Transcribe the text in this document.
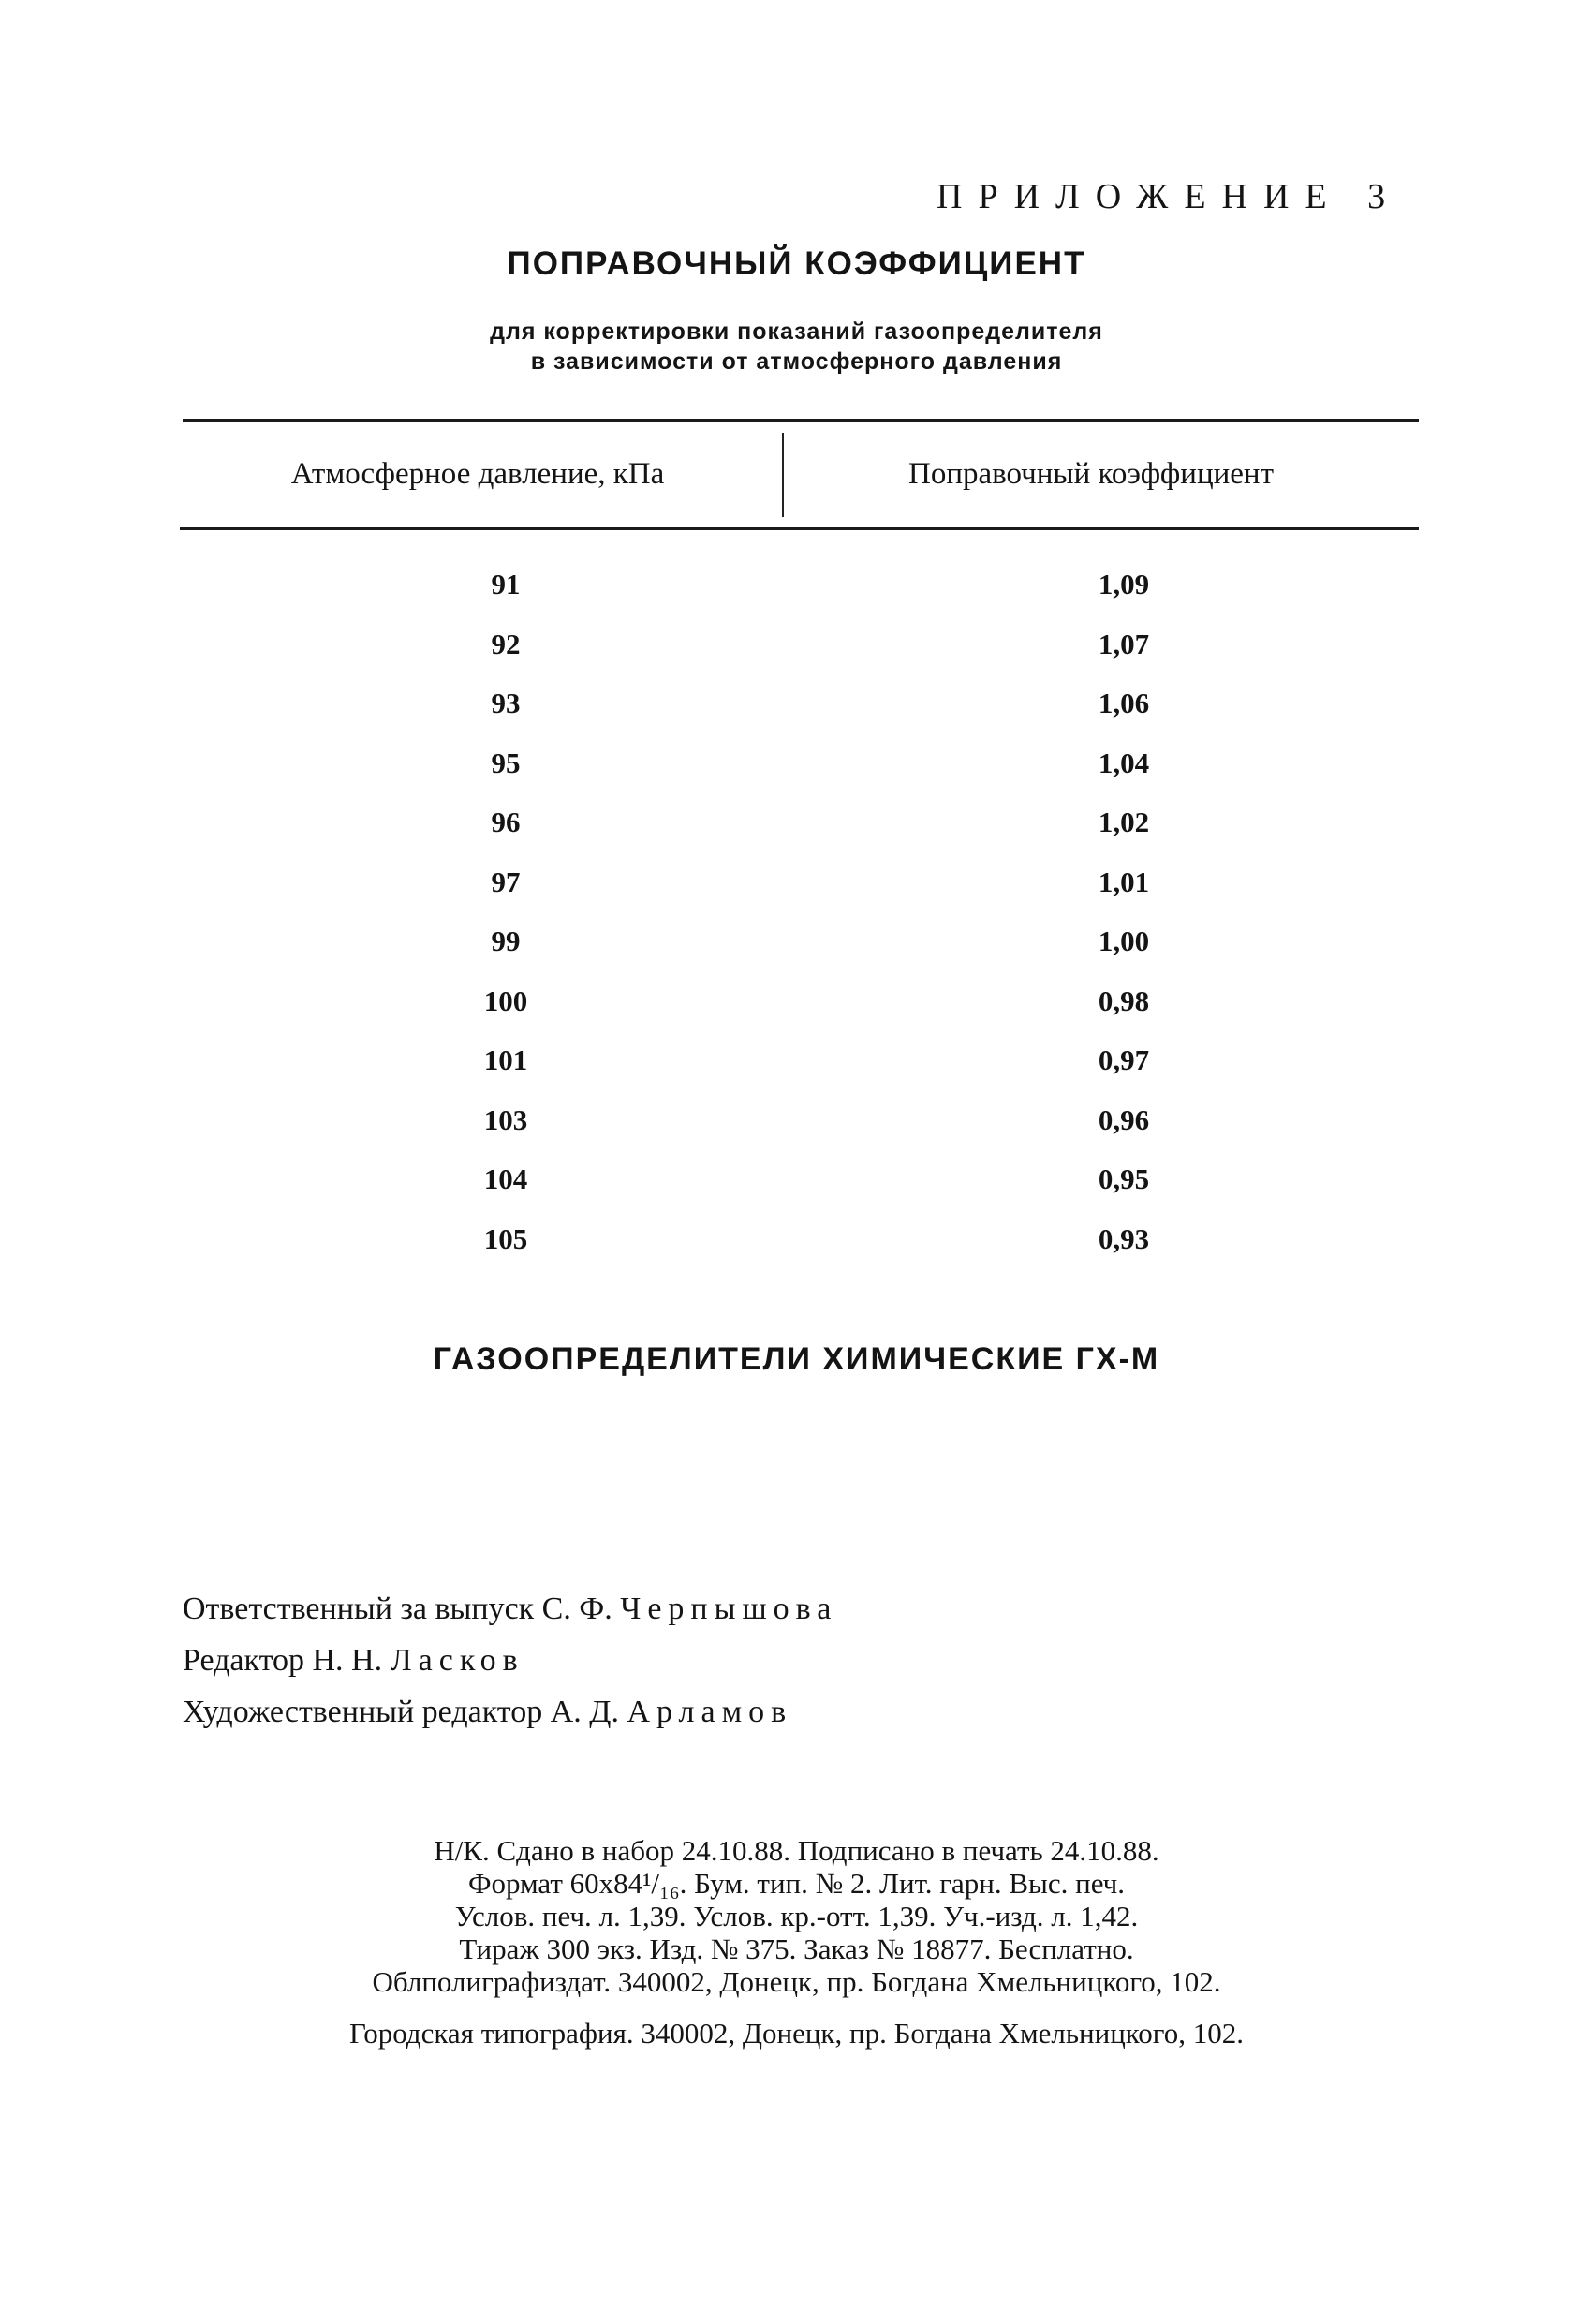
ПРИЛОЖЕНИЕ 3
ПОПРАВОЧНЫЙ КОЭФФИЦИЕНТ
для корректировки показаний газоопределителя
в зависимости от атмосферного давления
Атмосферное давление, кПа	Поправочный коэффициент
91	1,09
92	1,07
93	1,06
95	1,04
96	1,02
97	1,01
99	1,00
100	0,98
101	0,97
103	0,96
104	0,95
105	0,93
ГАЗООПРЕДЕЛИТЕЛИ ХИМИЧЕСКИЕ ГХ-М
Ответственный за выпуск С. Ф. Черпышова
Редактор Н. Н. Ласков
Художественный редактор А. Д. Арламов
Н/К. Сдано в набор 24.10.88. Подписано в печать 24.10.88.
Формат 60x84¹/₁₆. Бум. тип. № 2. Лит. гарн. Выс. печ.
Услов. печ. л. 1,39. Услов. кр.-отт. 1,39. Уч.-изд. л. 1,42.
Тираж 300 экз. Изд. № 375. Заказ № 18877. Бесплатно.
Облполиграфиздат. 340002, Донецк, пр. Богдана Хмельницкого, 102.
Городская типография. 340002, Донецк, пр. Богдана Хмельницкого, 102.
